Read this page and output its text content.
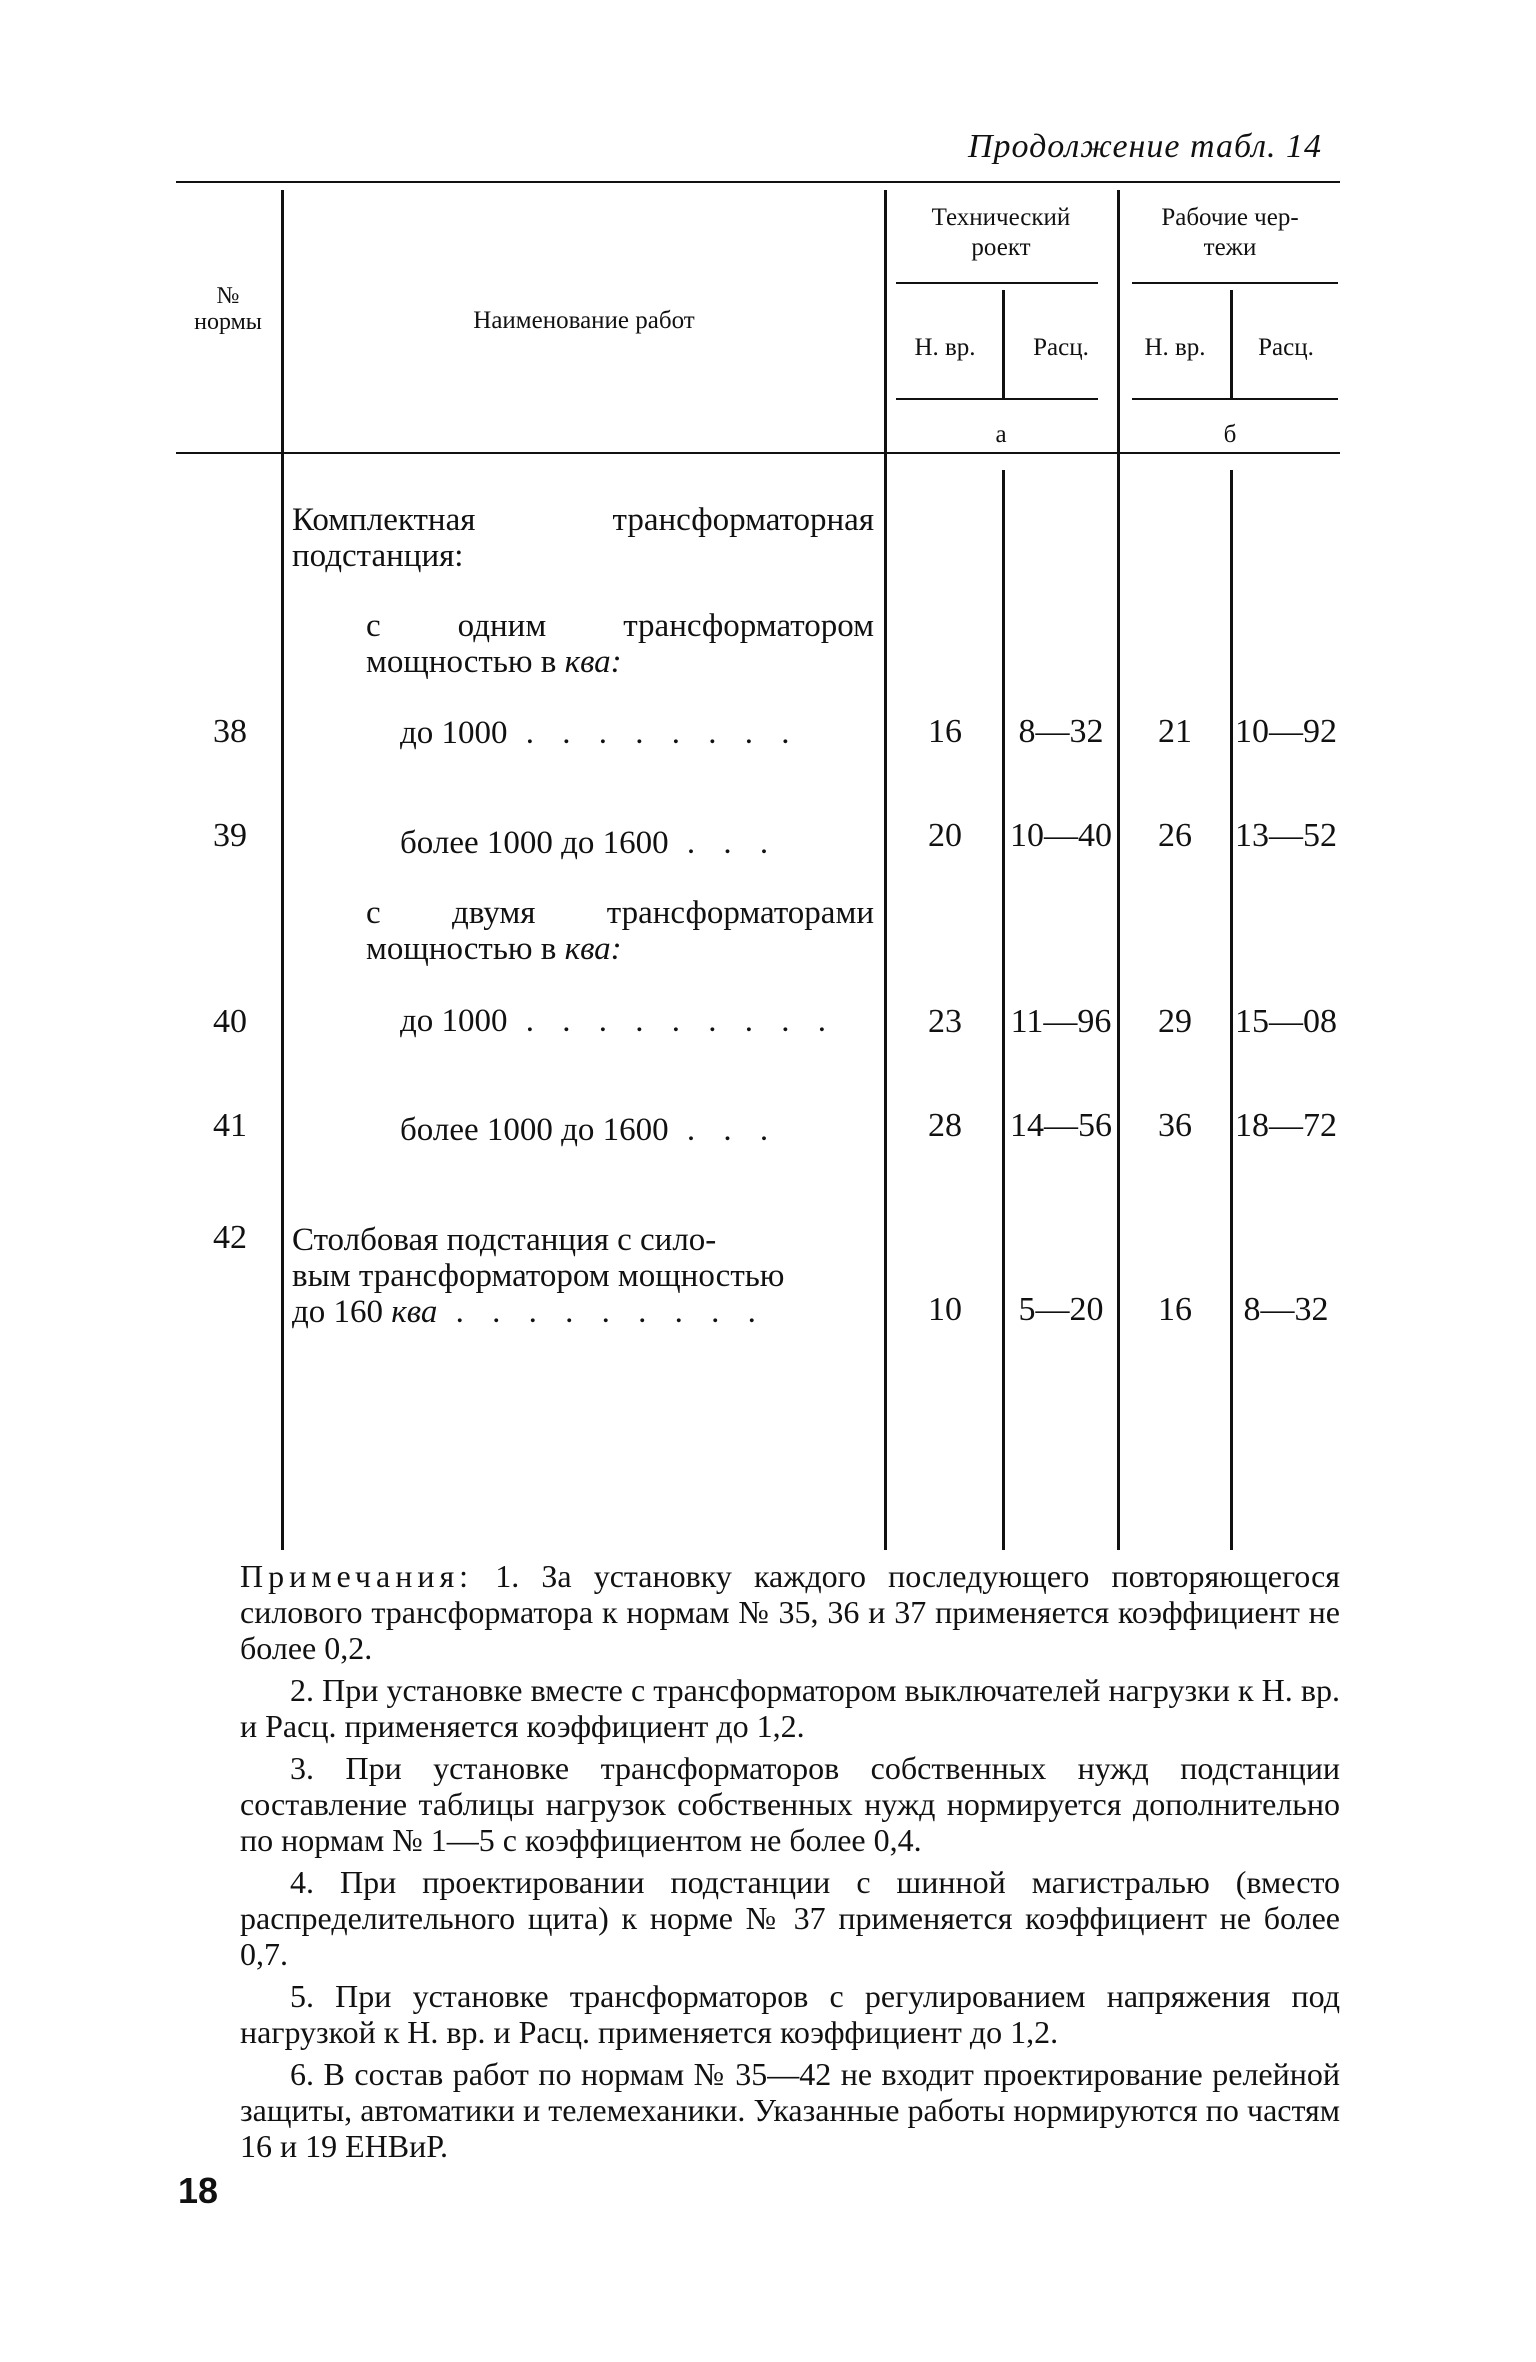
Продолжение табл. 14
№
нормы	Наименование работ
Технический
роект
Рабочие чер-
тежи
Н. вр.	Расц.	Н. вр.	Расц.
а	б
Комплектная трансформаторная подстанция:
с одним трансформатором мощностью в ква:
38	до 1000 . . . . . . . .	16	8—32	21	10—92
39	более 1000 до 1600 . . .	20	10—40	26	13—52
с двумя трансформаторами мощностью в ква:
40	до 1000 . . . . . . . . .	23	11—96	29	15—08
41	более 1000 до 1600 . . .	28	14—56	36	18—72
42	Столбовая подстанция с сило-
вым трансформатором мощностью
до 160 ква . . . . . . . . .	10	5—20	16	8—32

Примечания: 1. За установку каждого последующего повторяющегося силового трансформатора к нормам № 35, 36 и 37 применяется коэффициент не более 0,2.

2. При установке вместе с трансформатором выключателей нагрузки к Н. вр. и Расц. применяется коэффициент до 1,2.

3. При установке трансформаторов собственных нужд подстанции составление таблицы нагрузок собственных нужд нормируется дополнительно по нормам № 1—5 с коэффициентом не более 0,4.

4. При проектировании подстанции с шинной магистралью (вместо распределительного щита) к норме № 37 применяется коэффициент не более 0,7.

5. При установке трансформаторов с регулированием напряжения под нагрузкой к Н. вр. и Расц. применяется коэффициент до 1,2.

6. В состав работ по нормам № 35—42 не входит проектирование релейной защиты, автоматики и телемеханики. Указанные работы нормируются по частям 16 и 19 ЕНВиР.

18
